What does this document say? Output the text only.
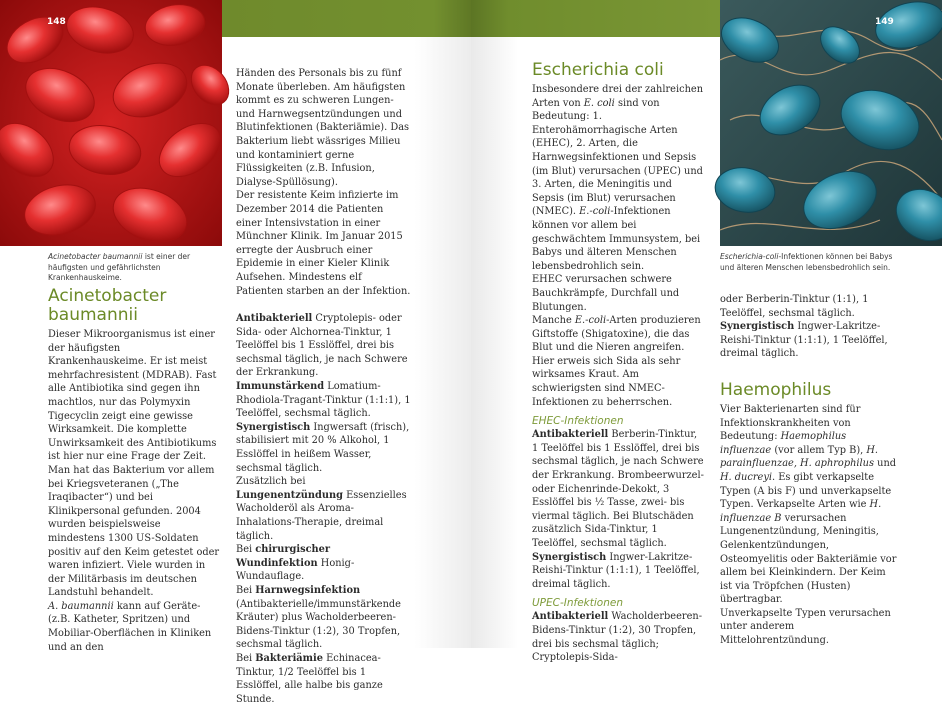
148	149
Acinetobacter baumannii ist einer der häufigsten und gefährlichsten Krankenhauskeime.
Escherichia-coli-Infektionen können bei Babys und älteren Menschen lebensbedrohlich sein.
Acinetobacter baumannii

Dieser Mikroorganismus ist einer der häufigsten Krankenhauskeime. Er ist meist mehrfachresistent (MDRAB). Fast alle Antibiotika sind gegen ihn machtlos, nur das Polymyxin Tigecyclin zeigt eine gewisse Wirksamkeit. Die komplette Unwirksamkeit des Antibiotikums ist hier nur eine Frage der Zeit.

Man hat das Bakterium vor allem bei Kriegsveteranen („The Iraqibacter“) und bei Klinikpersonal gefunden. 2004 wurden beispielsweise mindestens 1300 US-Soldaten positiv auf den Keim getestet oder waren infiziert. Viele wurden in der Militärbasis im deutschen Landstuhl behandelt.

A. baumannii kann auf Geräte- (z.B. Katheter, Spritzen) und Mobiliar-Oberflächen in Kliniken und an den

Händen des Personals bis zu fünf Monate überleben. Am häufigsten kommt es zu schweren Lungen- und Harnwegsentzündungen und Blutinfektionen (Bakteriämie). Das Bakterium liebt wässriges Milieu und kontaminiert gerne Flüssigkeiten (z.B. Infusion, Dialyse-Spüllösung).

Der resistente Keim infizierte im Dezember 2014 die Patienten einer Intensivstation in einer Münchner Klinik. Im Januar 2015 erregte der Ausbruch einer Epidemie in einer Kieler Klinik Aufsehen. Mindestens elf Patienten starben an der Infektion.

Antibakteriell Cryptolepis- oder Sida- oder Alchornea-Tinktur, 1 Teelöffel bis 1 Esslöffel, drei bis sechsmal täglich, je nach Schwere der Erkrankung.

Immunstärkend Lomatium-Rhodiola-Tragant-Tinktur (1:1:1), 1 Teelöffel, sechsmal täglich.

Synergistisch Ingwersaft (frisch), stabilisiert mit 20 % Alkohol, 1 Esslöffel in heißem Wasser, sechsmal täglich.

Zusätzlich bei Lungenentzündung Essenzielles Wacholderöl als Aroma-Inhalations-Therapie, dreimal täglich.

Bei chirurgischer Wundinfektion Honig-Wundauflage.

Bei Harnwegsinfektion (Antibakterielle/immunstärkende Kräuter) plus Wacholderbeeren-Bidens-Tinktur (1:2), 30 Tropfen, sechsmal täglich.

Bei Bakteriämie Echinacea-Tinktur, 1/2 Teelöffel bis 1 Esslöffel, alle halbe bis ganze Stunde.

Escherichia coli

Insbesondere drei der zahlreichen Arten von E. coli sind von Bedeutung: 1. Enterohämorrhagische Arten (EHEC), 2. Arten, die Harnwegsinfektionen und Sepsis (im Blut) verursachen (UPEC) und 3. Arten, die Meningitis und Sepsis (im Blut) verursachen (NMEC). E.-coli-Infektionen können vor allem bei geschwächtem Immunsystem, bei Babys und älteren Menschen lebensbedrohlich sein.

EHEC verursachen schwere Bauchkrämpfe, Durchfall und Blutungen.

Manche E.-coli-Arten produzieren Giftstoffe (Shigatoxine), die das Blut und die Nieren angreifen. Hier erweis sich Sida als sehr wirksames Kraut. Am schwierigsten sind NMEC-Infektionen zu beherrschen.

EHEC-Infektionen

Antibakteriell Berberin-Tinktur, 1 Teelöffel bis 1 Esslöffel, drei bis sechsmal täglich, je nach Schwere der Erkrankung. Brombeerwurzel- oder Eichenrinde-Dekokt, 3 Esslöffel bis ½ Tasse, zwei- bis viermal täglich. Bei Blutschäden zusätzlich Sida-Tinktur, 1 Teelöffel, sechsmal täglich.

Synergistisch Ingwer-Lakritze-Reishi-Tinktur (1:1:1), 1 Teelöffel, dreimal täglich.

UPEC-Infektionen

Antibakteriell Wacholderbeeren-Bidens-Tinktur (1:2), 30 Tropfen, drei bis sechsmal täglich; Cryptolepis-Sida-

oder Berberin-Tinktur (1:1), 1 Teelöffel, sechsmal täglich.

Synergistisch Ingwer-Lakritze-Reishi-Tinktur (1:1:1), 1 Teelöffel, dreimal täglich.

Haemophilus

Vier Bakterienarten sind für Infektionskrankheiten von Bedeutung: Haemophilus influenzae (vor allem Typ B), H. parainfluenzae, H. aphrophilus und H. ducreyi. Es gibt verkapselte Typen (A bis F) und unverkapselte Typen. Verkapselte Arten wie H. influenzae B verursachen Lungenentzündung, Meningitis, Gelenkentzündungen, Osteomyelitis oder Bakteriämie vor allem bei Kleinkindern. Der Keim ist via Tröpfchen (Husten) übertragbar.

Unverkapselte Typen verursachen unter anderem Mittelohrentzündung.
